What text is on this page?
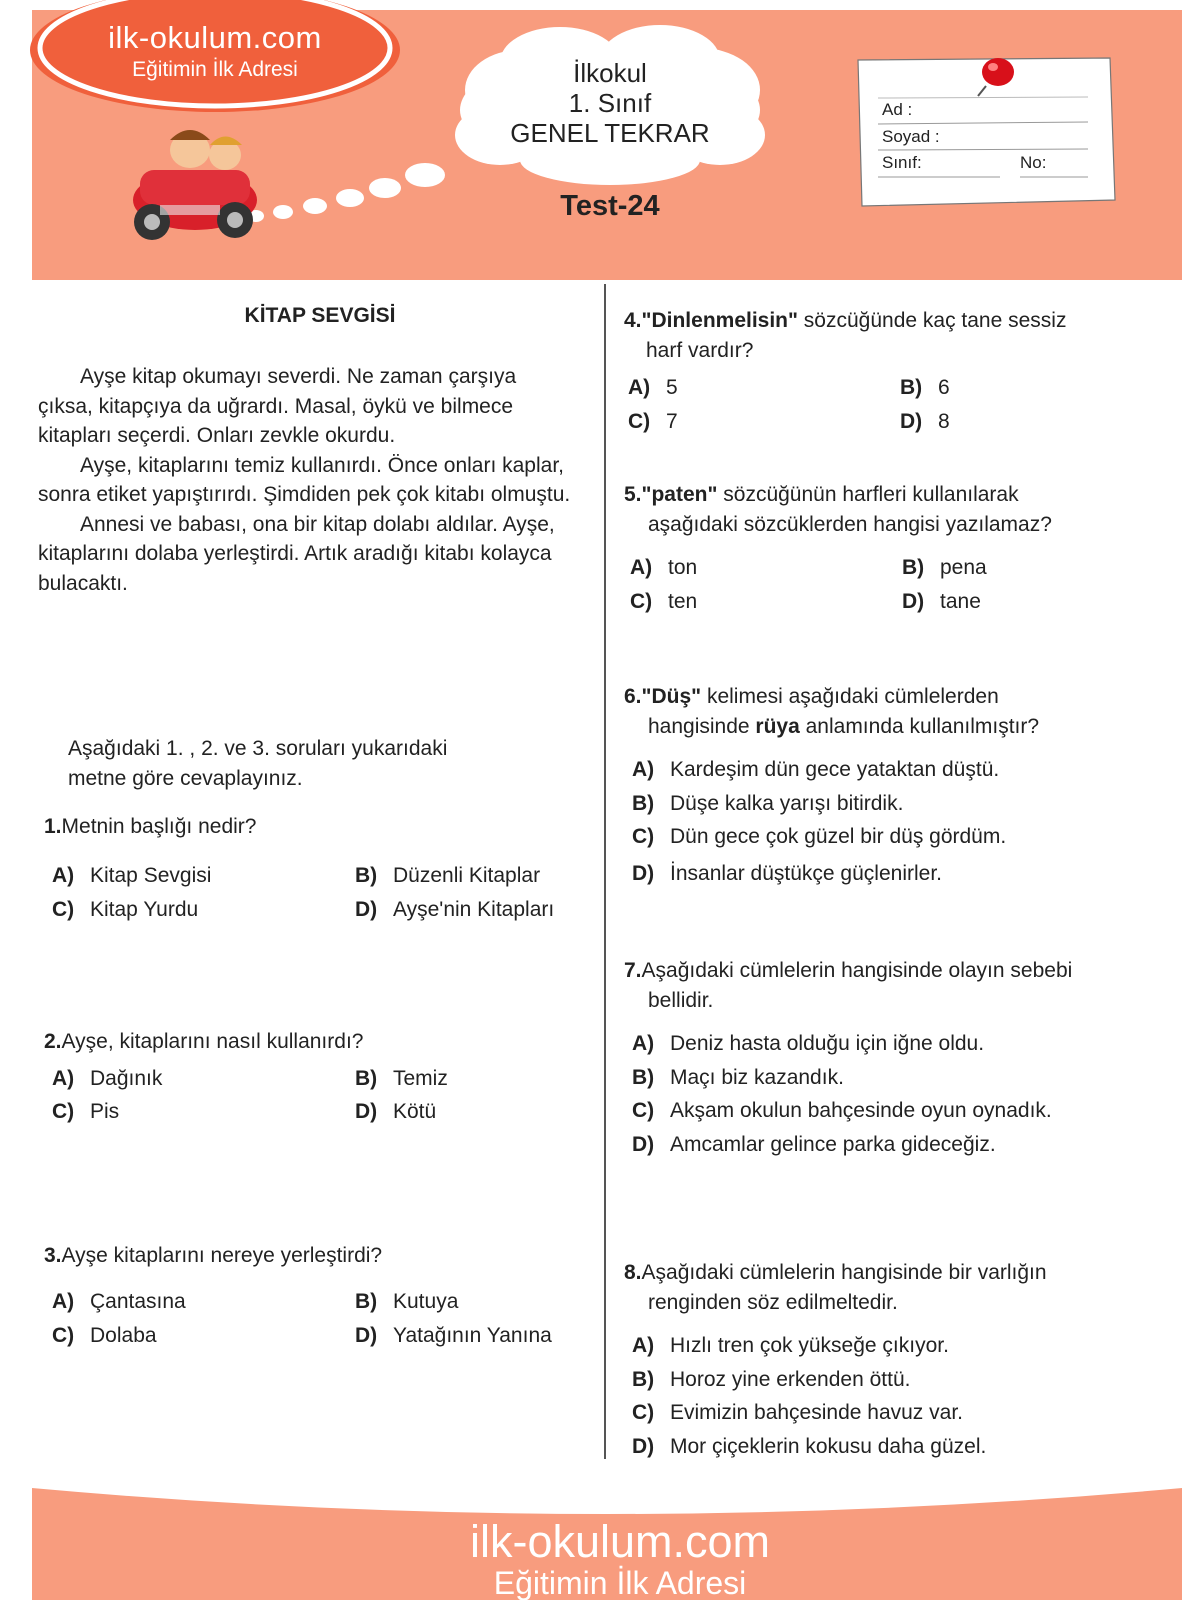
ilk-okulum.com
Eğitimin İlk Adresi	İlkokul
1. Sınıf
GENEL TEKRAR
Test-24
Ad :
Soyad :
Sınıf:	No:
KİTAP SEVGİSİ

Ayşe kitap okumayı severdi. Ne zaman çarşıya çıksa, kitapçıya da uğrardı. Masal, öykü ve bilmece kitapları seçerdi. Onları zevkle okurdu.

Ayşe, kitaplarını temiz kullanırdı. Önce onları kaplar, sonra etiket yapıştırırdı. Şimdiden pek çok kitabı olmuştu.

Annesi ve babası, ona bir kitap dolabı aldılar. Ayşe, kitaplarını dolaba yerleştirdi. Artık aradığı kitabı kolayca bulacaktı.

Aşağıdaki 1. , 2. ve 3. soruları yukarıdaki
metne göre cevaplayınız.
1.Metnin başlığı nedir?
A) Kitap Sevgisi	B) Düzenli Kitaplar
C) Kitap Yurdu	D) Ayşe'nin Kitapları
2.Ayşe, kitaplarını nasıl kullanırdı?
A) Dağınık	B) Temiz
C) Pis	D) Kötü
3.Ayşe kitaplarını nereye yerleştirdi?
A) Çantasına	B) Kutuya
C) Dolaba	D) Yatağının Yanına
4."Dinlenmelisin" sözcüğünde kaç tane sessiz
harf vardır?
A) 5	B) 6
C) 7	D) 8
5."paten" sözcüğünün harfleri kullanılarak
aşağıdaki sözcüklerden hangisi yazılamaz?
A) ton	B) pena
C) ten	D) tane
6."Düş" kelimesi aşağıdaki cümlelerden
hangisinde rüya anlamında kullanılmıştır?
A) Kardeşim dün gece yataktan düştü.
B) Düşe kalka yarışı bitirdik.
C) Dün gece çok güzel bir düş gördüm.
D) İnsanlar düştükçe güçlenirler.
7.Aşağıdaki cümlelerin hangisinde olayın sebebi
bellidir.
A) Deniz hasta olduğu için iğne oldu.
B) Maçı biz kazandık.
C) Akşam okulun bahçesinde oyun oynadık.
D) Amcamlar gelince parka gideceğiz.
8.Aşağıdaki cümlelerin hangisinde bir varlığın
renginden söz edilmeltedir.
A) Hızlı tren çok yükseğe çıkıyor.
B) Horoz yine erkenden öttü.
C) Evimizin bahçesinde havuz var.
D) Mor çiçeklerin kokusu daha güzel.
ilk-okulum.com
Eğitimin İlk Adresi
